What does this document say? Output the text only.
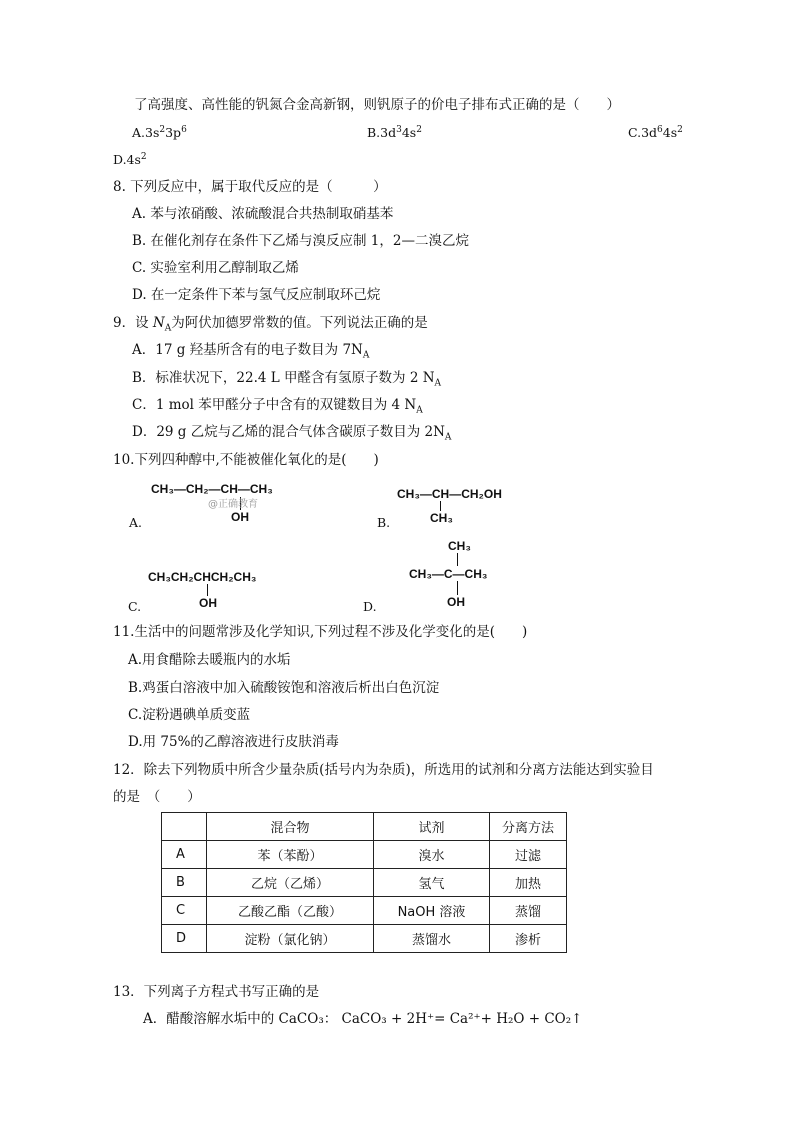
了高强度、高性能的钒氮合金高新钢，则钒原子的价电子排布式正确的是（　　）
$A.3s^23p^6$	$B.3d^34s^2$	$C.3d^64s^2$
$D.4s^2$
8. 下列反应中，属于取代反应的是（　　　）
A. 苯与浓硝酸、浓硫酸混合共热制取硝基苯
B. 在催化剂存在条件下乙烯与溴反应制 1，2—二溴乙烷
C. 实验室利用乙醇制取乙烯
D. 在一定条件下苯与氢气反应制取环己烷
9．设 $N_A$为阿伏加德罗常数的值。下列说法正确的是
A．17 g 羟基所含有的电子数目为 $7N_A$
B．标准状况下，22.4 L 甲醛含有氢原子数为 2 $N_A$
C．1 mol 苯甲醛分子中含有的双键数目为 4 $N_A$
D．29 g 乙烷与乙烯的混合气体含碳原子数目为 $2N_A$
10.下列四种醇中,不能被催化氧化的是(　　)
CH₃—CH₂—CH—CH₃
@正确教育
OH
A.
CH₃—CH—CH₂OH
CH₃
B.
CH₃CH₂CHCH₂CH₃
OH
C.
CH₃
CH₃—C—CH₃
OH
D.
11.生活中的问题常涉及化学知识,下列过程不涉及化学变化的是(　　)
A.用食醋除去暖瓶内的水垢
B.鸡蛋白溶液中加入硫酸铵饱和溶液后析出白色沉淀
C.淀粉遇碘单质变蓝
D.用 75%的乙醇溶液进行皮肤消毒
12．除去下列物质中所含少量杂质(括号内为杂质)，所选用的试剂和分离方法能达到实验目
的是　（　　）
	混合物	试剂	分离方法
A	苯（苯酚）	溴水	过滤
B	乙烷（乙烯）	氢气	加热
C	乙酸乙酯（乙酸）	NaOH 溶液	蒸馏
D	淀粉（氯化钠）	蒸馏水	渗析
13．下列离子方程式书写正确的是
A．醋酸溶解水垢中的 CaCO₃： CaCO₃ + 2H⁺= Ca²⁺+ H₂O + CO₂↑
